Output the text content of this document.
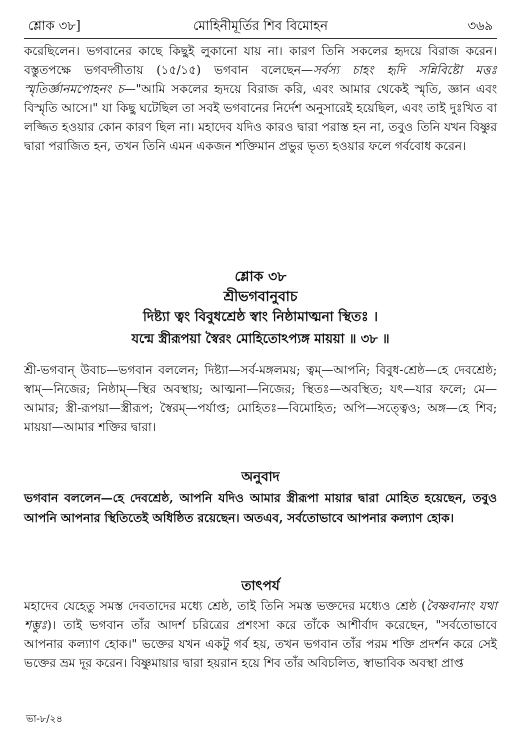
শ্লোক ৩৮]	মোহিনীমূর্তির শিব বিমোহন	৩৬৯

করেছিলেন। ভগবানের কাছে কিছুই লুকানো যায় না। কারণ তিনি সকলের হৃদয়ে বিরাজ করেন। বস্তুতপক্ষে ভগবদ্গীতায় (১৫/১৫) ভগবান বলেছেন—সর্বস্য চাহং হৃদি সন্নিবিষ্টো মত্তঃ স্মৃতির্জ্ঞানমপোহনং চ—"আমি সকলের হৃদয়ে বিরাজ করি, এবং আমার থেকেই স্মৃতি, জ্ঞান এবং বিস্মৃতি আসে।" যা কিছু ঘটেছিল তা সবই ভগবানের নির্দেশ অনুসারেই হয়েছিল, এবং তাই দুঃখিত বা লজ্জিত হওয়ার কোন কারণ ছিল না। মহাদেব যদিও কারও দ্বারা পরাস্ত হন না, তবুও তিনি যখন বিষ্ণুর দ্বারা পরাজিত হন, তখন তিনি এমন একজন শক্তিমান প্রভুর ভৃত্য হওয়ার ফলে গর্ববোধ করেন।

শ্লোক ৩৮
শ্রীভগবানুবাচ
দিষ্ট্যা ত্বং বিবুধশ্রেষ্ঠ স্বাং নিষ্ঠামাত্মনা স্থিতঃ ।
যন্মে স্ত্রীরূপয়া স্বৈরং মোহিতোঽপ্যঙ্গ মায়য়া ॥ ৩৮ ॥

শ্রী-ভগবান্ উবাচ—ভগবান বললেন; দিষ্ট্যা—সর্ব-মঙ্গলময়; ত্বম্—আপনি; বিবুধ-শ্রেষ্ঠ—হে দেবশ্রেষ্ঠ; স্বাম্—নিজের; নিষ্ঠাম্—স্থির অবস্থায়; আত্মনা—নিজের; স্থিতঃ—অবস্থিত; যৎ—যার ফলে; মে—আমার; স্ত্রী-রূপয়া—স্ত্রীরূপ; স্বৈরম্—পর্যাপ্ত; মোহিতঃ—বিমোহিত; অপি—সত্ত্বেও; অঙ্গ—হে শিব; মায়য়া—আমার শক্তির দ্বারা।

অনুবাদ

ভগবান বললেন—হে দেবশ্রেষ্ঠ, আপনি যদিও আমার স্ত্রীরূপা মায়ার দ্বারা মোহিত হয়েছেন, তবুও আপনি আপনার স্থিতিতেই অধিষ্ঠিত রয়েছেন। অতএব, সর্বতোভাবে আপনার কল্যাণ হোক।

তাৎপর্য

মহাদেব যেহেতু সমস্ত দেবতাদের মধ্যে শ্রেষ্ঠ, তাই তিনি সমস্ত ভক্তদের মধ্যেও শ্রেষ্ঠ (বৈষ্ণবানাং যথা শম্ভুঃ)। তাই ভগবান তাঁর আদর্শ চরিত্রের প্রশংসা করে তাঁকে আশীর্বাদ করেছেন, "সর্বতোভাবে আপনার কল্যাণ হোক।" ভক্তের যখন একটু গর্ব হয়, তখন ভগবান তাঁর পরম শক্তি প্রদর্শন করে সেই ভক্তের ভ্রম দূর করেন। বিষ্ণুমায়ার দ্বারা হয়রান হয়ে শিব তাঁর অবিচলিত, স্বাভাবিক অবস্থা প্রাপ্ত

ভা-৮/২৪
